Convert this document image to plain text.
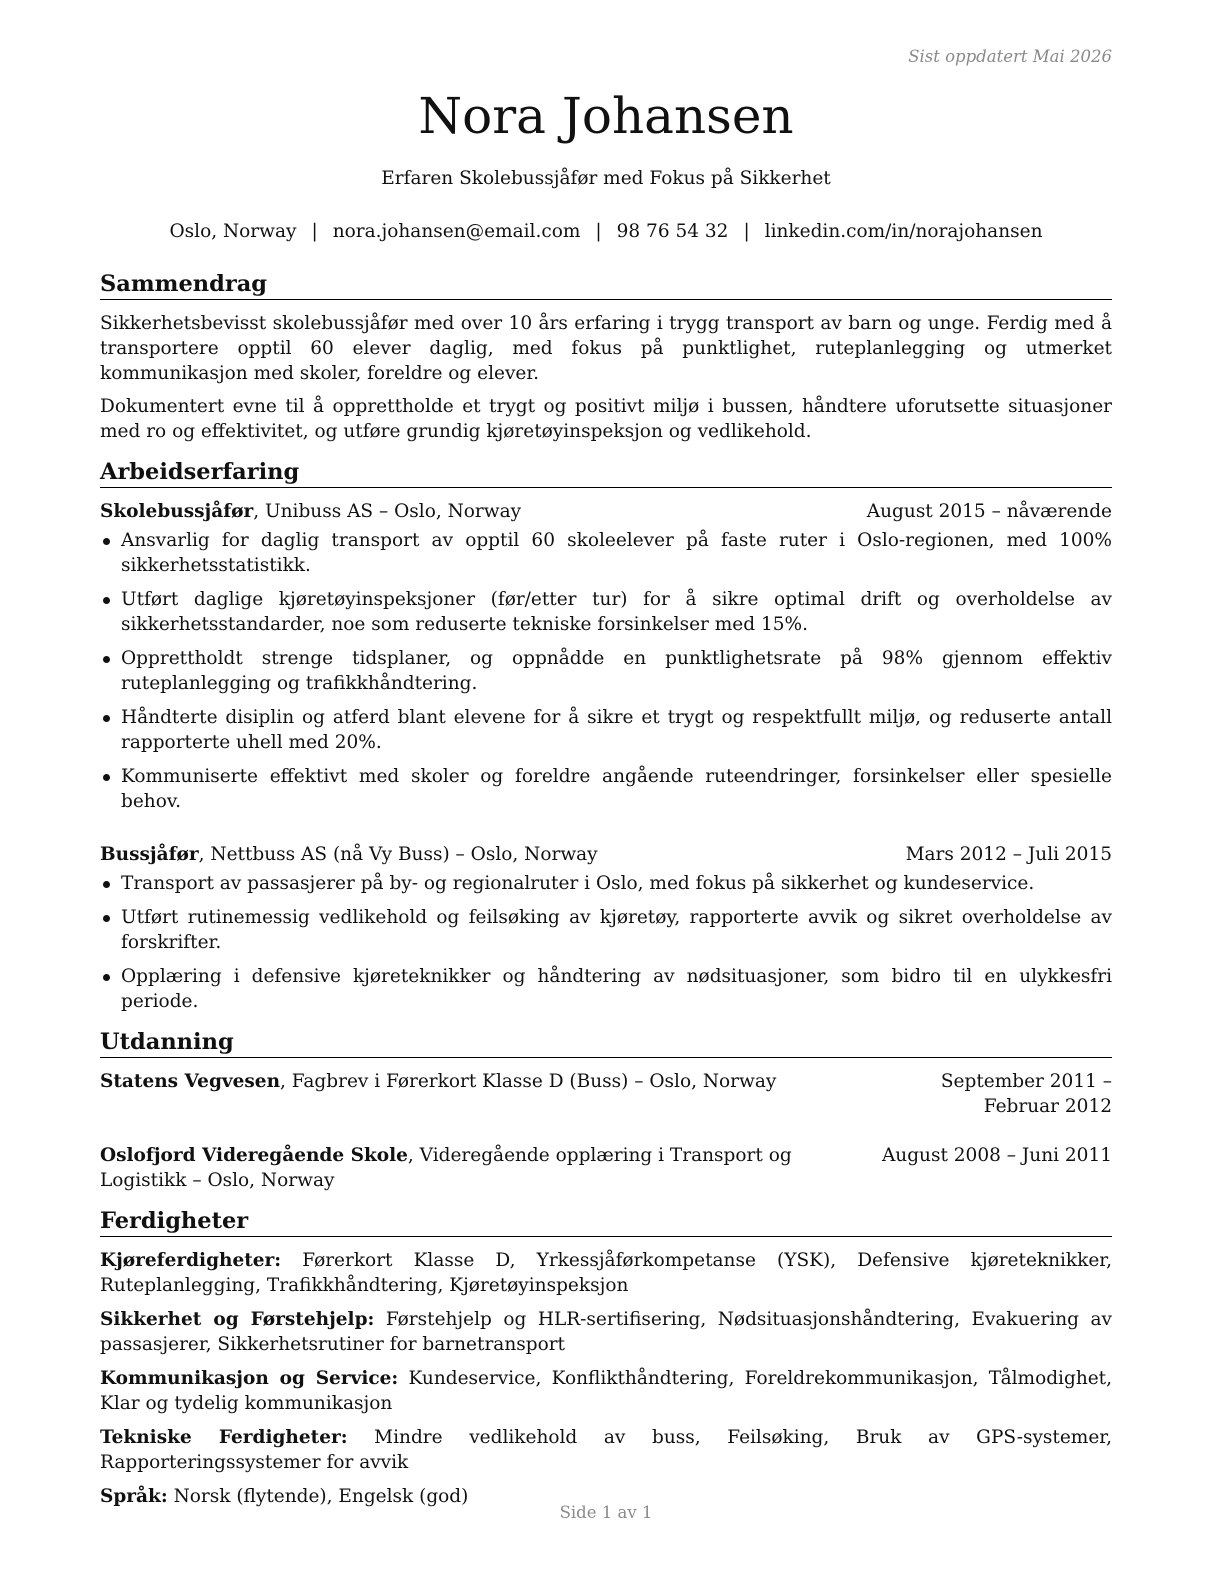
Sist oppdatert Mai 2026
Nora Johansen
Erfaren Skolebussjåfør med Fokus på Sikkerhet
Oslo, Norway | nora.johansen@email.com | 98 76 54 32 | linkedin.com/in/norajohansen
Sammendrag

Sikkerhetsbevisst skolebussjåfør med over 10 års erfaring i trygg transport av barn og unge. Ferdig med å transportere opptil 60 elever daglig, med fokus på punktlighet, ruteplanlegging og utmerket kommunikasjon med skoler, foreldre og elever.

Dokumentert evne til å opprettholde et trygt og positivt miljø i bussen, håndtere uforutsette situasjoner med ro og effektivitet, og utføre grundig kjøretøyinspeksjon og vedlikehold.

Arbeidserfaring
Skolebussjåfør, Unibuss AS – Oslo, Norway	August 2015 – nåværende
Ansvarlig for daglig transport av opptil 60 skoleelever på faste ruter i Oslo-regionen, med 100% sikkerhetsstatistikk.
Utført daglige kjøretøyinspeksjoner (før/etter tur) for å sikre optimal drift og overholdelse av sikkerhetsstandarder, noe som reduserte tekniske forsinkelser med 15%.
Opprettholdt strenge tidsplaner, og oppnådde en punktlighetsrate på 98% gjennom effektiv ruteplanlegging og trafikkhåndtering.
Håndterte disiplin og atferd blant elevene for å sikre et trygt og respektfullt miljø, og reduserte antall rapporterte uhell med 20%.
Kommuniserte effektivt med skoler og foreldre angående ruteendringer, forsinkelser eller spesielle behov.
Bussjåfør, Nettbuss AS (nå Vy Buss) – Oslo, Norway	Mars 2012 – Juli 2015
Transport av passasjerer på by- og regionalruter i Oslo, med fokus på sikkerhet og kundeservice.
Utført rutinemessig vedlikehold og feilsøking av kjøretøy, rapporterte avvik og sikret overholdelse av forskrifter.
Opplæring i defensive kjøreteknikker og håndtering av nødsituasjoner, som bidro til en ulykkesfri periode.
Utdanning
Statens Vegvesen, Fagbrev i Førerkort Klasse D (Buss) – Oslo, Norway	September 2011 – Februar 2012
Oslofjord Videregående Skole, Videregående opplæring i Transport og Logistikk – Oslo, Norway
August 2008 – Juni 2011
Ferdigheter
Kjøreferdigheter: Førerkort Klasse D, Yrkessjåførkompetanse (YSK), Defensive kjøreteknikker, Ruteplanlegging, Trafikkhåndtering, Kjøretøyinspeksjon
Sikkerhet og Førstehjelp: Førstehjelp og HLR-sertifisering, Nødsituasjonshåndtering, Evakuering av passasjerer, Sikkerhetsrutiner for barnetransport
Kommunikasjon og Service: Kundeservice, Konflikthåndtering, Foreldrekommunikasjon, Tålmodighet, Klar og tydelig kommunikasjon
Tekniske Ferdigheter: Mindre vedlikehold av buss, Feilsøking, Bruk av GPS-systemer, Rapporteringssystemer for avvik
Språk: Norsk (flytende), Engelsk (god)
Side 1 av 1
